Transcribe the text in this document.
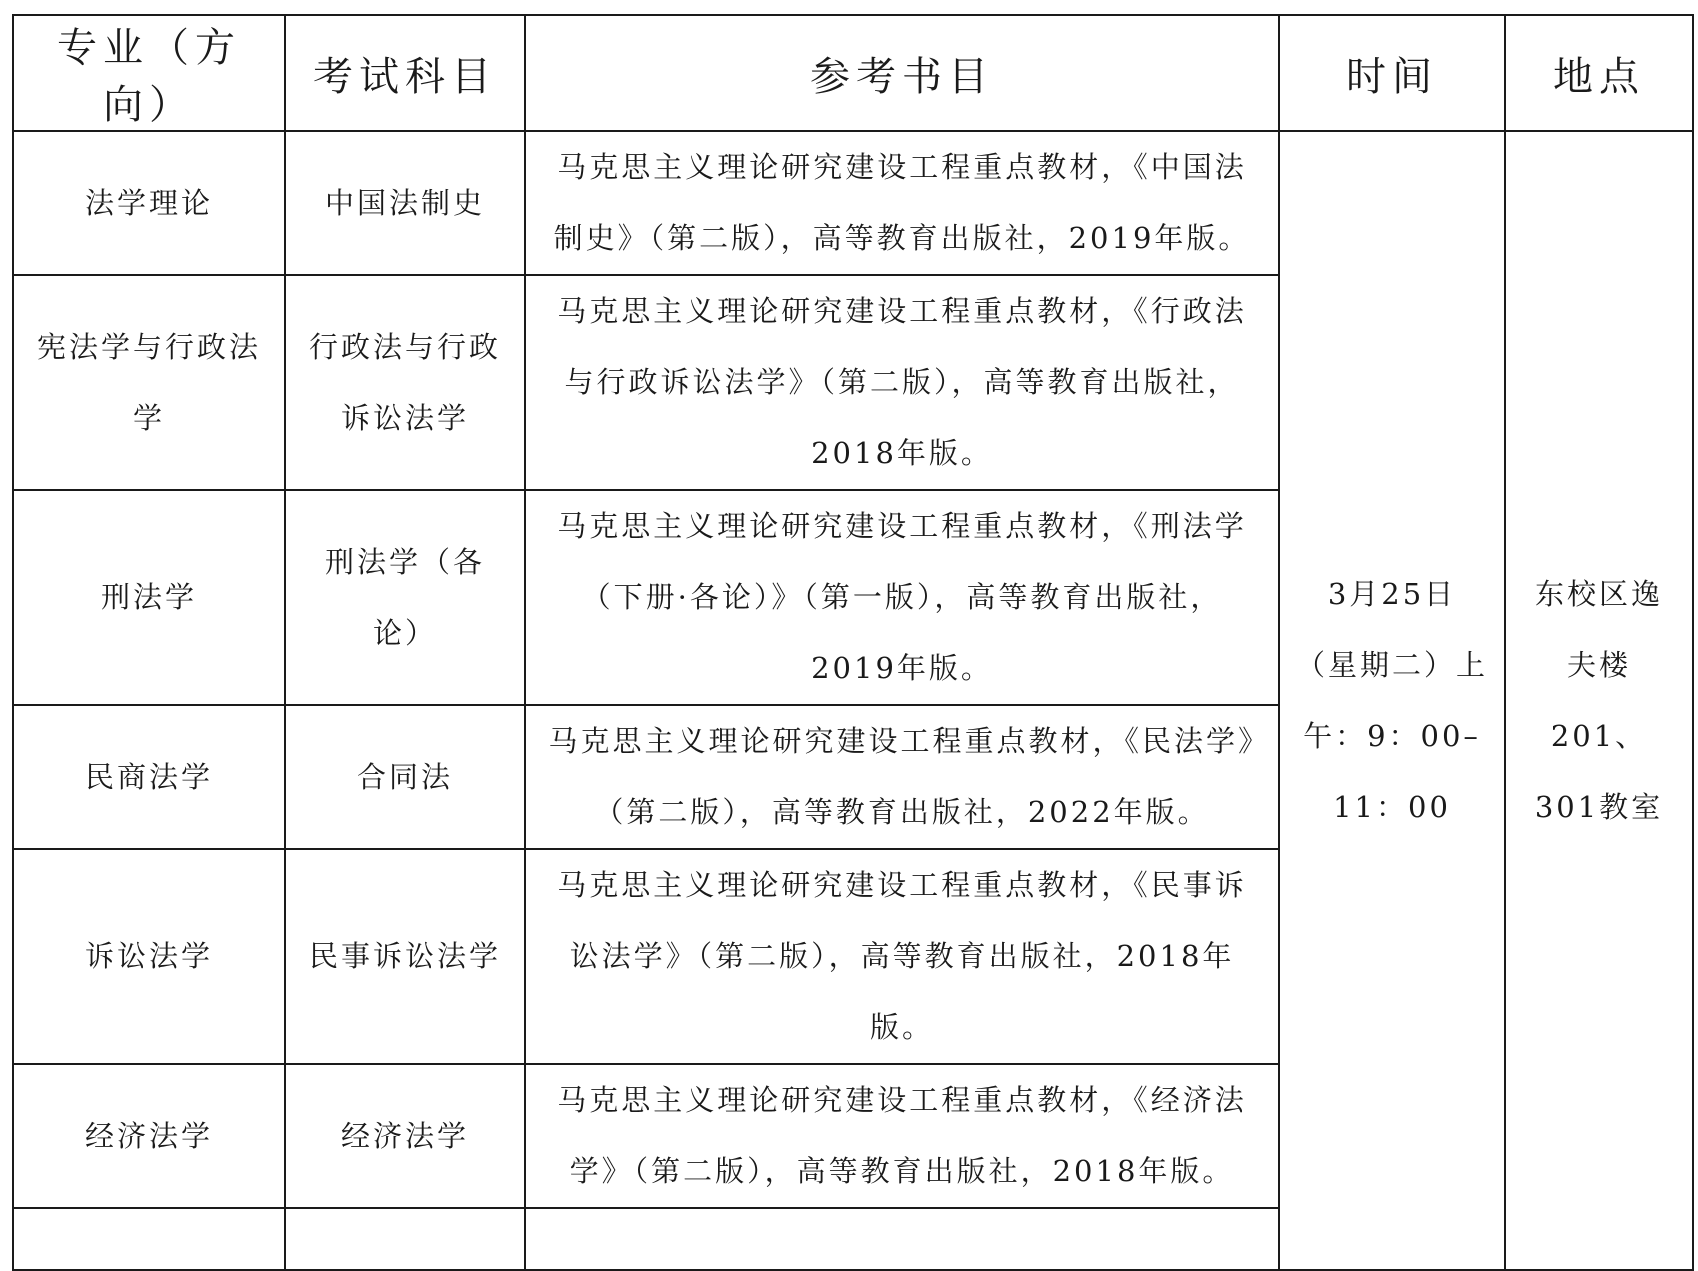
专业（方向）	考试科目	参考书目	时间	地点
法学理论	中国法制史	马克思主义理论研究建设工程重点教材，《中国法制史》（第二版），高等教育出版社，2019年版。	3月25日（星期二）上午：9：00–11：00	东校区逸夫楼201、301教室
宪法学与行政法学	行政法与行政诉讼法学	马克思主义理论研究建设工程重点教材，《行政法与行政诉讼法学》（第二版），高等教育出版社，2018年版。		
刑法学	刑法学（各论）	马克思主义理论研究建设工程重点教材，《刑法学（下册·各论）》（第一版），高等教育出版社，2019年版。		
民商法学	合同法	马克思主义理论研究建设工程重点教材，《民法学》（第二版），高等教育出版社，2022年版。		
诉讼法学	民事诉讼法学	马克思主义理论研究建设工程重点教材，《民事诉讼法学》（第二版），高等教育出版社，2018年版。		
经济法学	经济法学	马克思主义理论研究建设工程重点教材，《经济法学》（第二版），高等教育出版社，2018年版。		
